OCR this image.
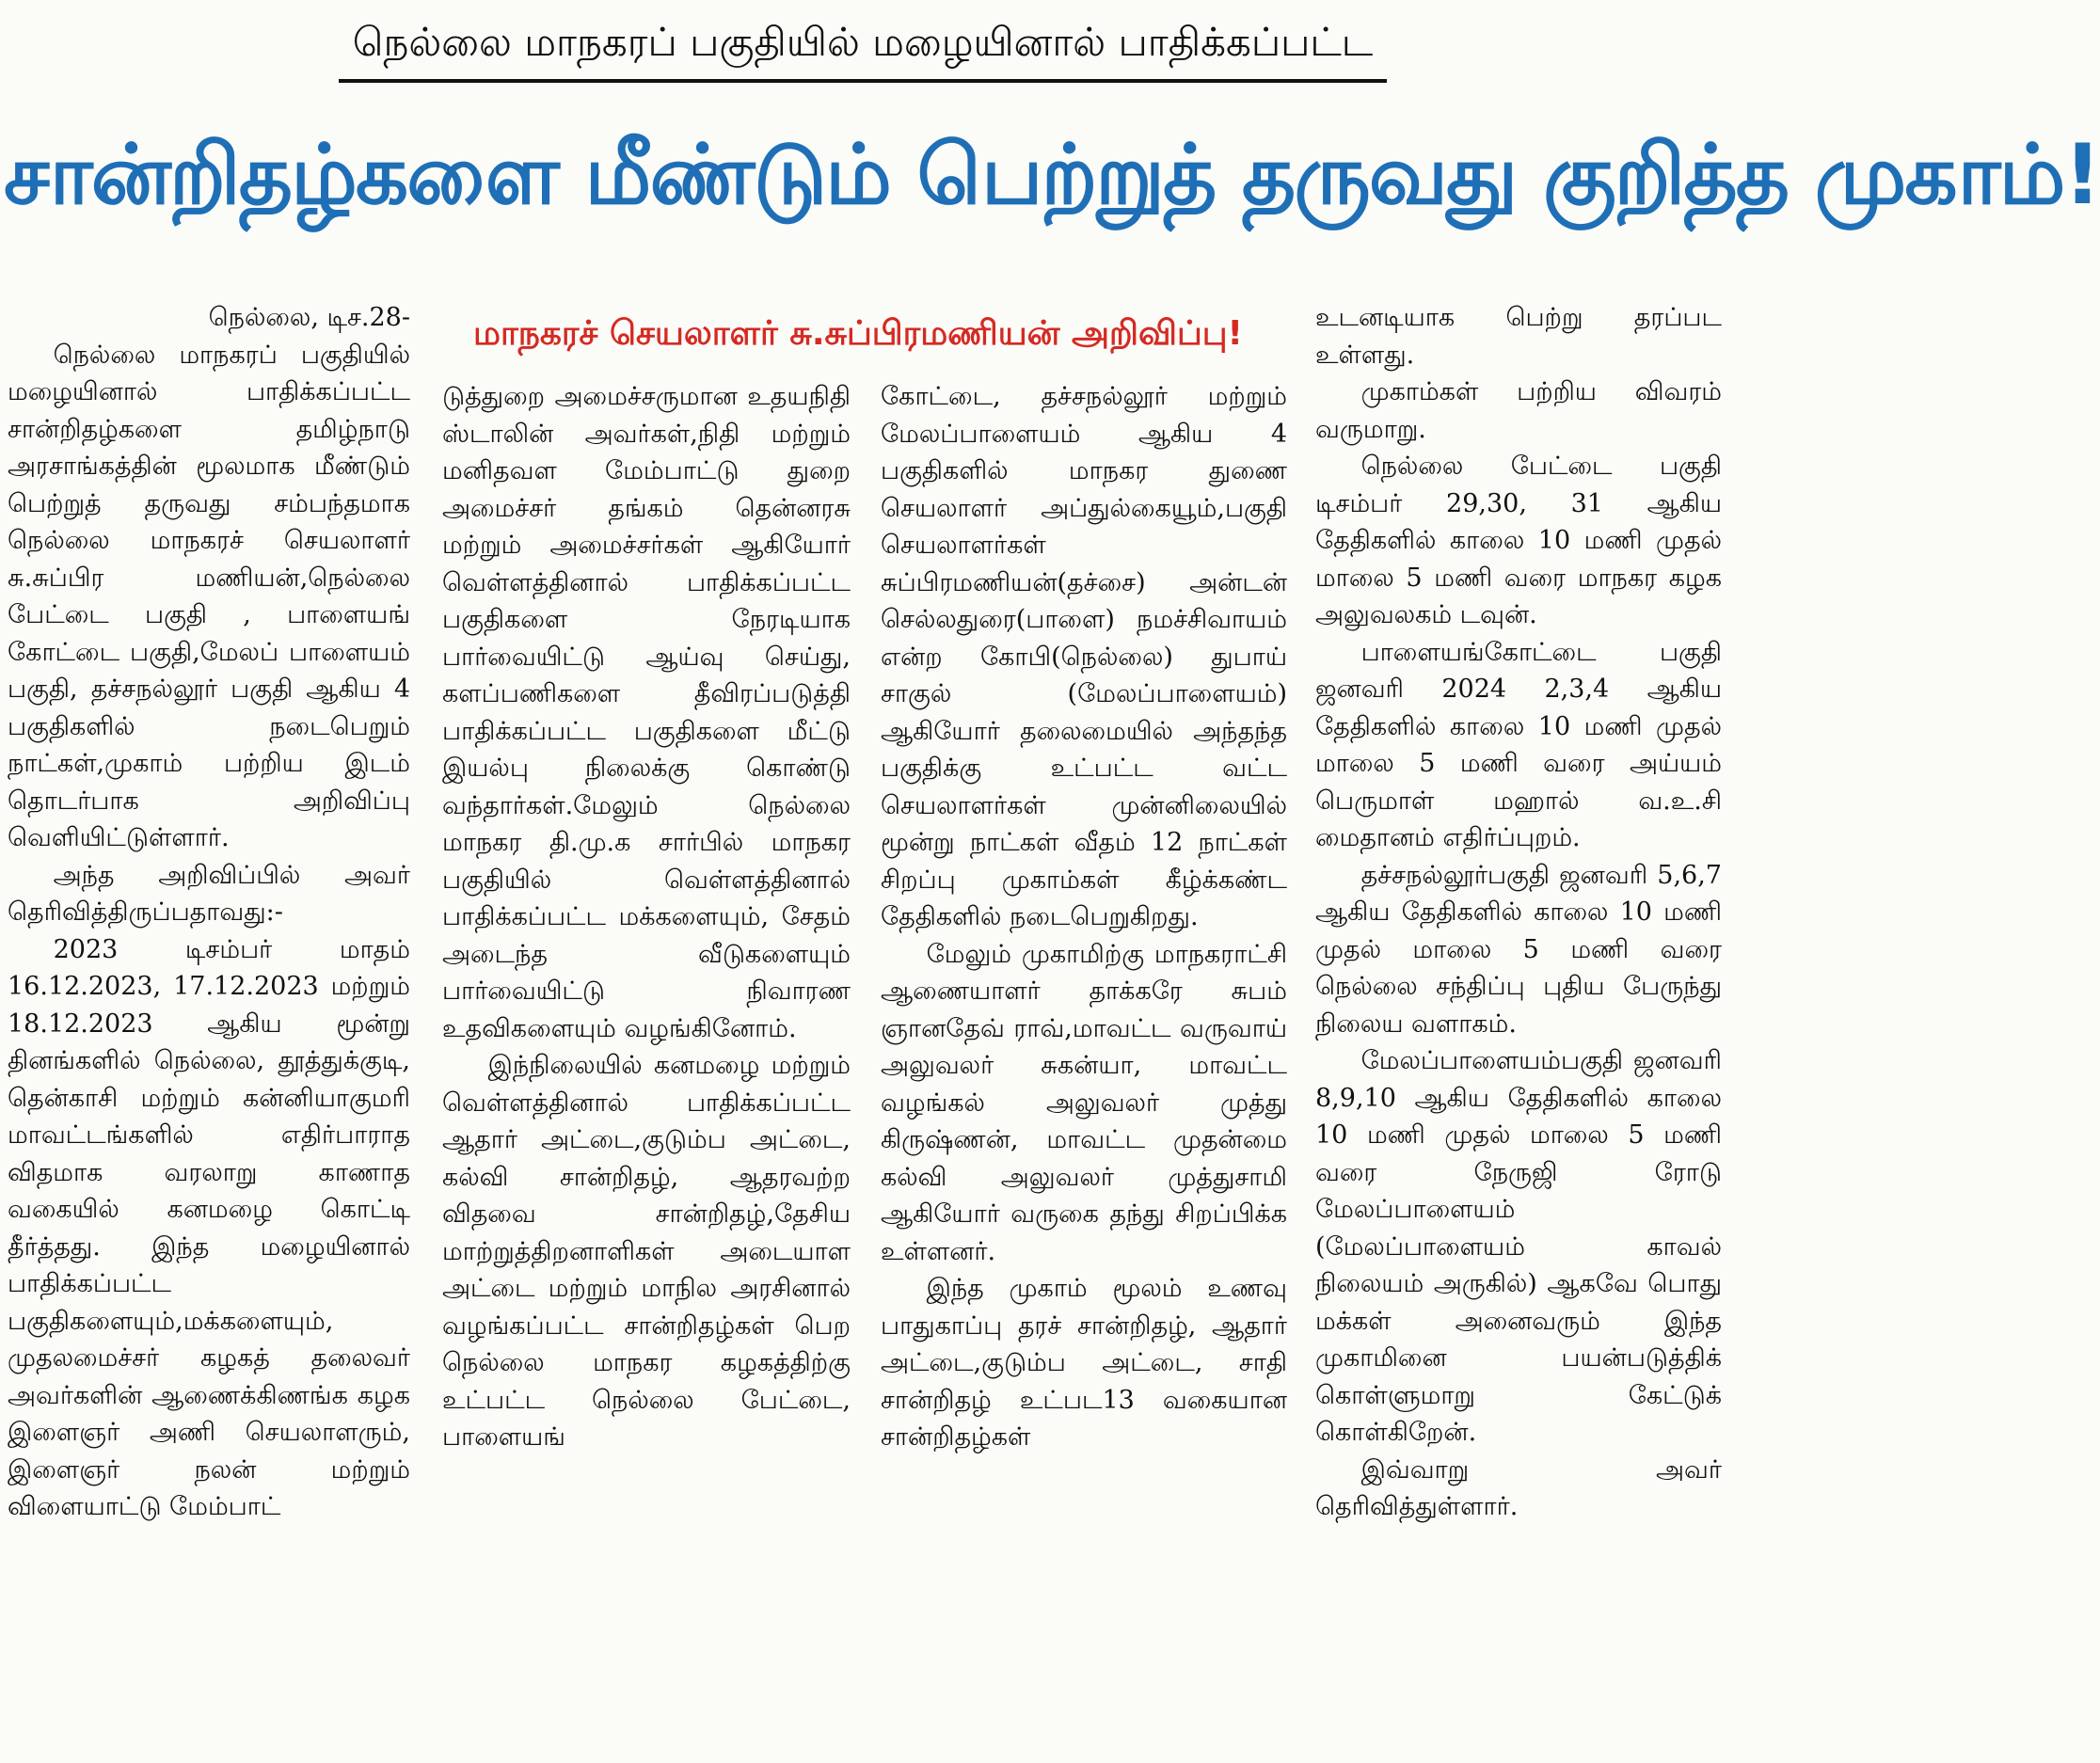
நெல்லை மாநகரப் பகுதியில் மழையினால் பாதிக்கப்பட்ட
சான்றிதழ்களை மீண்டும் பெற்றுத் தருவது குறித்த முகாம்!
மாநகரச் செயலாளர் சு.சுப்பிரமணியன் அறிவிப்பு!

நெல்லை, டிச.28-

நெல்லை மாநகரப் பகுதியில் மழையினால் பாதிக்கப்பட்ட சான்றிதழ்களை தமிழ்நாடு அரசாங்கத்தின் மூலமாக மீண்டும் பெற்றுத் தருவது சம்பந்தமாக நெல்லை மாநகரச் செயலாளர் சு.சுப்பிர மணியன்,நெல்லை பேட்டை பகுதி , பாளையங் கோட்டை பகுதி,மேலப் பாளையம் பகுதி, தச்சநல்லூர் பகுதி ஆகிய 4 பகுதிகளில் நடைபெறும் நாட்கள்,முகாம் பற்றிய இடம் தொடர்பாக அறிவிப்பு வெளியிட்டுள்ளார்.

அந்த அறிவிப்பில் அவர் தெரிவித்திருப்பதாவது:-

2023 டிசம்பர் மாதம் 16.12.2023, 17.12.2023 மற்றும் 18.12.2023 ஆகிய மூன்று தினங்களில் நெல்லை, தூத்துக்குடி, தென்காசி மற்றும் கன்னியாகுமரி மாவட்டங்களில் எதிர்பாராத விதமாக வரலாறு காணாத வகையில் கனமழை கொட்டி தீர்த்தது. இந்த மழையினால் பாதிக்கப்பட்ட பகுதிகளையும்,மக்களையும், முதலமைச்சர் கழகத் தலைவர் அவர்களின் ஆணைக்கிணங்க கழக இளைஞர் அணி செயலாளரும், இளைஞர் நலன் மற்றும் விளையாட்டு மேம்பாட்

டுத்துறை அமைச்சருமான உதயநிதி ஸ்டாலின் அவர்கள்,நிதி மற்றும் மனிதவள மேம்பாட்டு துறை அமைச்சர் தங்கம் தென்னரசு மற்றும் அமைச்சர்கள் ஆகியோர் வெள்ளத்தினால் பாதிக்கப்பட்ட பகுதிகளை நேரடியாக பார்வையிட்டு ஆய்வு செய்து, களப்பணிகளை தீவிரப்படுத்தி பாதிக்கப்பட்ட பகுதிகளை மீட்டு இயல்பு நிலைக்கு கொண்டு வந்தார்கள்.மேலும் நெல்லை மாநகர தி.மு.க சார்பில் மாநகர பகுதியில் வெள்ளத்தினால் பாதிக்கப்பட்ட மக்களையும், சேதம் அடைந்த வீடுகளையும் பார்வையிட்டு நிவாரண உதவிகளையும் வழங்கினோம்.

இந்நிலையில் கனமழை மற்றும் வெள்ளத்தினால் பாதிக்கப்பட்ட ஆதார் அட்டை,குடும்ப அட்டை, கல்வி சான்றிதழ், ஆதரவற்ற விதவை சான்றிதழ்,தேசிய மாற்றுத்திறனாளிகள் அடையாள அட்டை மற்றும் மாநில அரசினால் வழங்கப்பட்ட சான்றிதழ்கள் பெற நெல்லை மாநகர கழகத்திற்கு உட்பட்ட நெல்லை பேட்டை, பாளையங்

கோட்டை, தச்சநல்லூர் மற்றும் மேலப்பாளையம் ஆகிய 4 பகுதிகளில் மாநகர துணை செயலாளர் அப்துல்கையூம்,பகுதி செயலாளர்கள் சுப்பிரமணியன்(தச்சை) அன்டன் செல்லதுரை(பாளை) நமச்சிவாயம் என்ற கோபி(நெல்லை) துபாய் சாகுல் (மேலப்பாளையம்) ஆகியோர் தலைமையில் அந்தந்த பகுதிக்கு உட்பட்ட வட்ட செயலாளர்கள் முன்னிலையில் மூன்று நாட்கள் வீதம் 12 நாட்கள் சிறப்பு முகாம்கள் கீழ்க்கண்ட தேதிகளில் நடைபெறுகிறது.

மேலும் முகாமிற்கு மாநகராட்சி ஆணையாளர் தாக்கரே சுபம் ஞானதேவ் ராவ்,மாவட்ட வருவாய் அலுவலர் சுகன்யா, மாவட்ட வழங்கல் அலுவலர் முத்து கிருஷ்ணன், மாவட்ட முதன்மை கல்வி அலுவலர் முத்துசாமி ஆகியோர் வருகை தந்து சிறப்பிக்க உள்ளனர்.

இந்த முகாம் மூலம் உணவு பாதுகாப்பு தரச் சான்றிதழ், ஆதார் அட்டை,குடும்ப அட்டை, சாதி சான்றிதழ் உட்பட13 வகையான சான்றிதழ்கள்

உடனடியாக பெற்று தரப்பட உள்ளது.

முகாம்கள் பற்றிய விவரம் வருமாறு.

நெல்லை பேட்டை பகுதி டிசம்பர் 29,30, 31 ஆகிய தேதிகளில் காலை 10 மணி முதல் மாலை 5 மணி வரை மாநகர கழக அலுவலகம் டவுன்.

பாளையங்கோட்டை பகுதி ஜனவரி 2024 2,3,4 ஆகிய தேதிகளில் காலை 10 மணி முதல் மாலை 5 மணி வரை அய்யம் பெருமாள் மஹால் வ.உ.சி மைதானம் எதிர்ப்புறம்.

தச்சநல்லூர்பகுதி ஜனவரி 5,6,7 ஆகிய தேதிகளில் காலை 10 மணி முதல் மாலை 5 மணி வரை நெல்லை சந்திப்பு புதிய பேருந்து நிலைய வளாகம்.

மேலப்பாளையம்பகுதி ஜனவரி 8,9,10 ஆகிய தேதிகளில் காலை 10 மணி முதல் மாலை 5 மணி வரை நேருஜி ரோடு மேலப்பாளையம் (மேலப்பாளையம் காவல் நிலையம் அருகில்) ஆகவே பொது மக்கள் அனைவரும் இந்த முகாமினை பயன்படுத்திக் கொள்ளுமாறு கேட்டுக் கொள்கிறேன்.

இவ்வாறு அவர் தெரிவித்துள்ளார்.
